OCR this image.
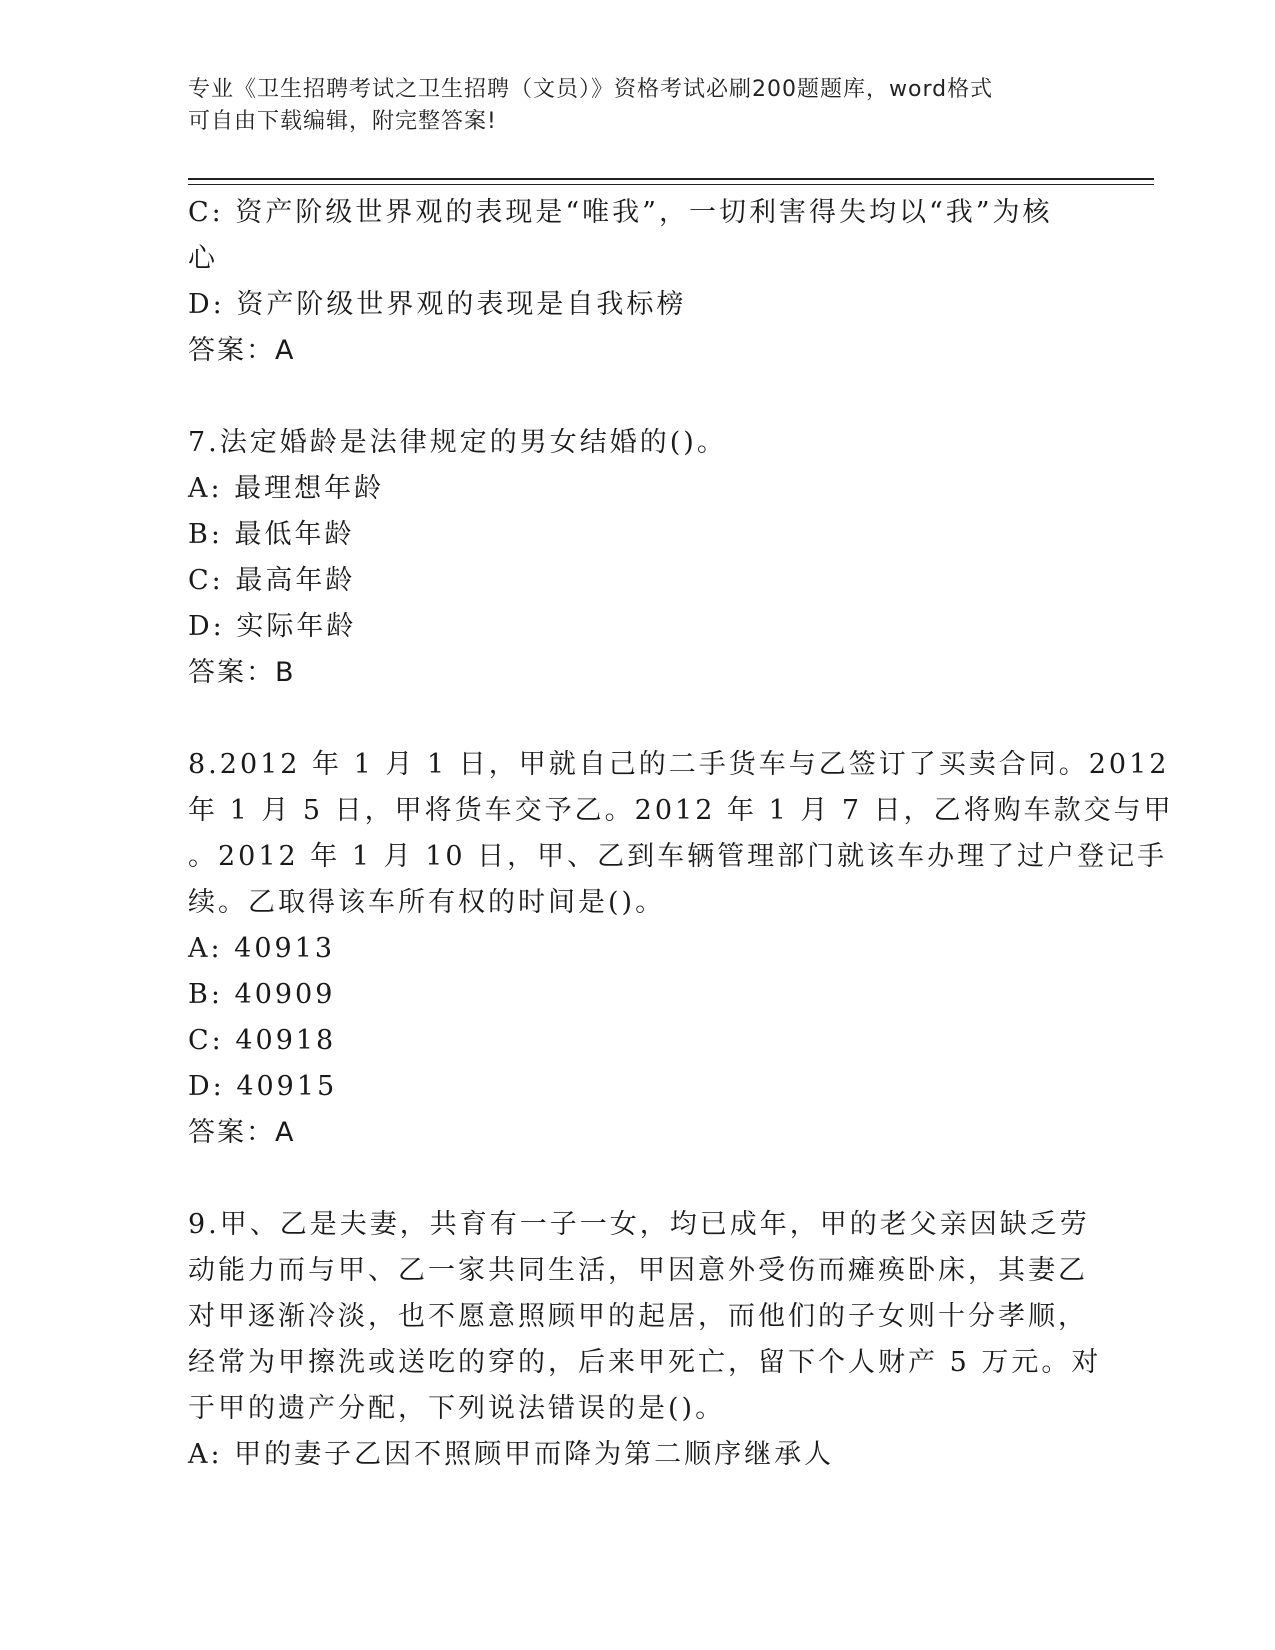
专业《卫生招聘考试之卫生招聘（文员）》资格考试必刷200题题库，word格式
可自由下载编辑，附完整答案!
C: 资产阶级世界观的表现是“唯我”，一切利害得失均以“我”为核
心
D: 资产阶级世界观的表现是自我标榜
答案：A
7.法定婚龄是法律规定的男女结婚的()。
A: 最理想年龄
B: 最低年龄
C: 最高年龄
D: 实际年龄
答案：B
8.2012 年 1 月 1 日，甲就自己的二手货车与乙签订了买卖合同。2012
年 1 月 5 日，甲将货车交予乙。2012 年 1 月 7 日，乙将购车款交与甲
。2012 年 1 月 10 日，甲、乙到车辆管理部门就该车办理了过户登记手
续。乙取得该车所有权的时间是()。
A: 40913
B: 40909
C: 40918
D: 40915
答案：A
9.甲、乙是夫妻，共育有一子一女，均已成年，甲的老父亲因缺乏劳
动能力而与甲、乙一家共同生活，甲因意外受伤而瘫痪卧床，其妻乙
对甲逐渐冷淡，也不愿意照顾甲的起居，而他们的子女则十分孝顺，
经常为甲擦洗或送吃的穿的，后来甲死亡，留下个人财产 5 万元。对
于甲的遗产分配，下列说法错误的是()。
A: 甲的妻子乙因不照顾甲而降为第二顺序继承人
